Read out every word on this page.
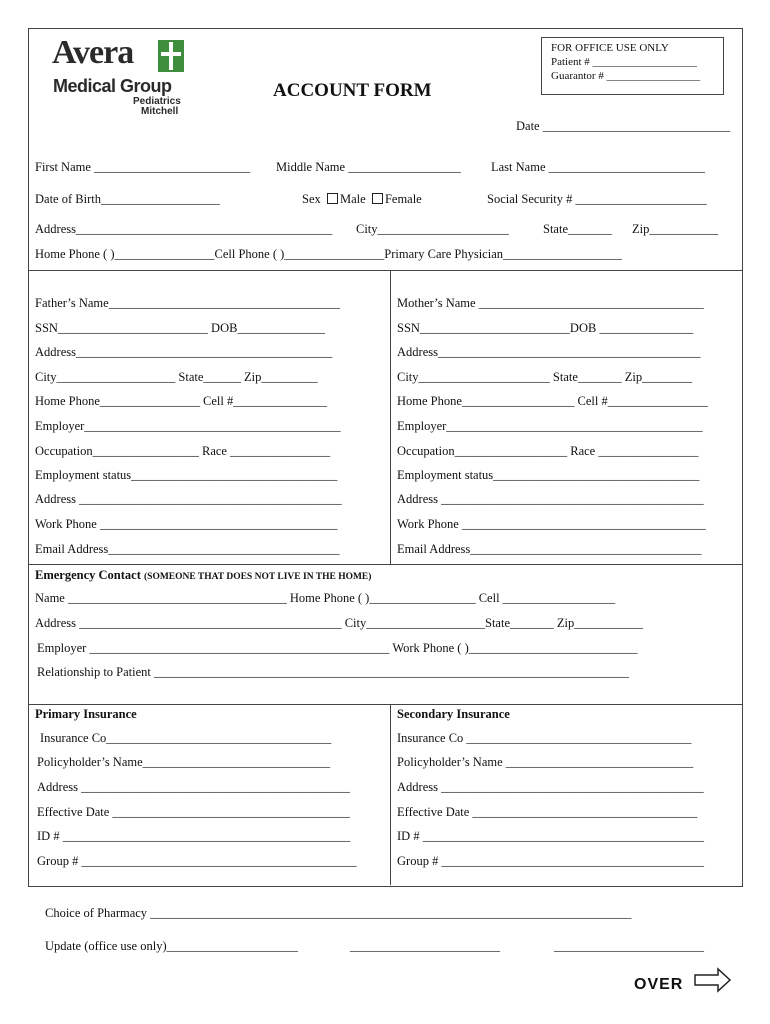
Avera
Medical Group
Pediatrics
Mitchell
ACCOUNT FORM
FOR OFFICE USE ONLY
Patient # ___________________
Guarantor # _________________
Date ______________________________
First Name _________________________ Middle Name __________________ Last Name _________________________
Date of Birth___________________	Sex Male Female	Social Security # _____________________
Address_________________________________________ City_____________________	State_______ Zip___________
Home Phone ( )________________Cell Phone ( )________________Primary Care Physician___________________
Father’s Name_____________________________________
SSN________________________ DOB______________
Address_________________________________________
City___________________ State______ Zip_________
Home Phone________________ Cell #_______________
Employer_________________________________________
Occupation_________________ Race ________________
Employment status_________________________________
Address __________________________________________
Work Phone ______________________________________
Email Address_____________________________________
Mother’s Name ____________________________________
SSN________________________DOB _______________
Address__________________________________________
City_____________________ State_______ Zip________
Home Phone__________________ Cell #________________
Employer_________________________________________
Occupation__________________ Race ________________
Employment status_________________________________
Address __________________________________________
Work Phone _______________________________________
Email Address_____________________________________
Emergency Contact (SOMEONE THAT DOES NOT LIVE IN THE HOME)
Name ___________________________________ Home Phone ( )_________________ Cell __________________
Address __________________________________________ City___________________State_______ Zip___________
Employer ________________________________________________ Work Phone ( )___________________________
Relationship to Patient ____________________________________________________________________________
Primary Insurance	Secondary Insurance
Insurance Co____________________________________
Policyholder’s Name______________________________
Address ___________________________________________
Effective Date ______________________________________
ID # ______________________________________________
Group # ____________________________________________
Insurance Co ____________________________________
Policyholder’s Name ______________________________
Address __________________________________________
Effective Date ____________________________________
ID # _____________________________________________
Group # __________________________________________
Choice of Pharmacy _____________________________________________________________________________
Update (office use only)_____________________	________________________	________________________
OVER
